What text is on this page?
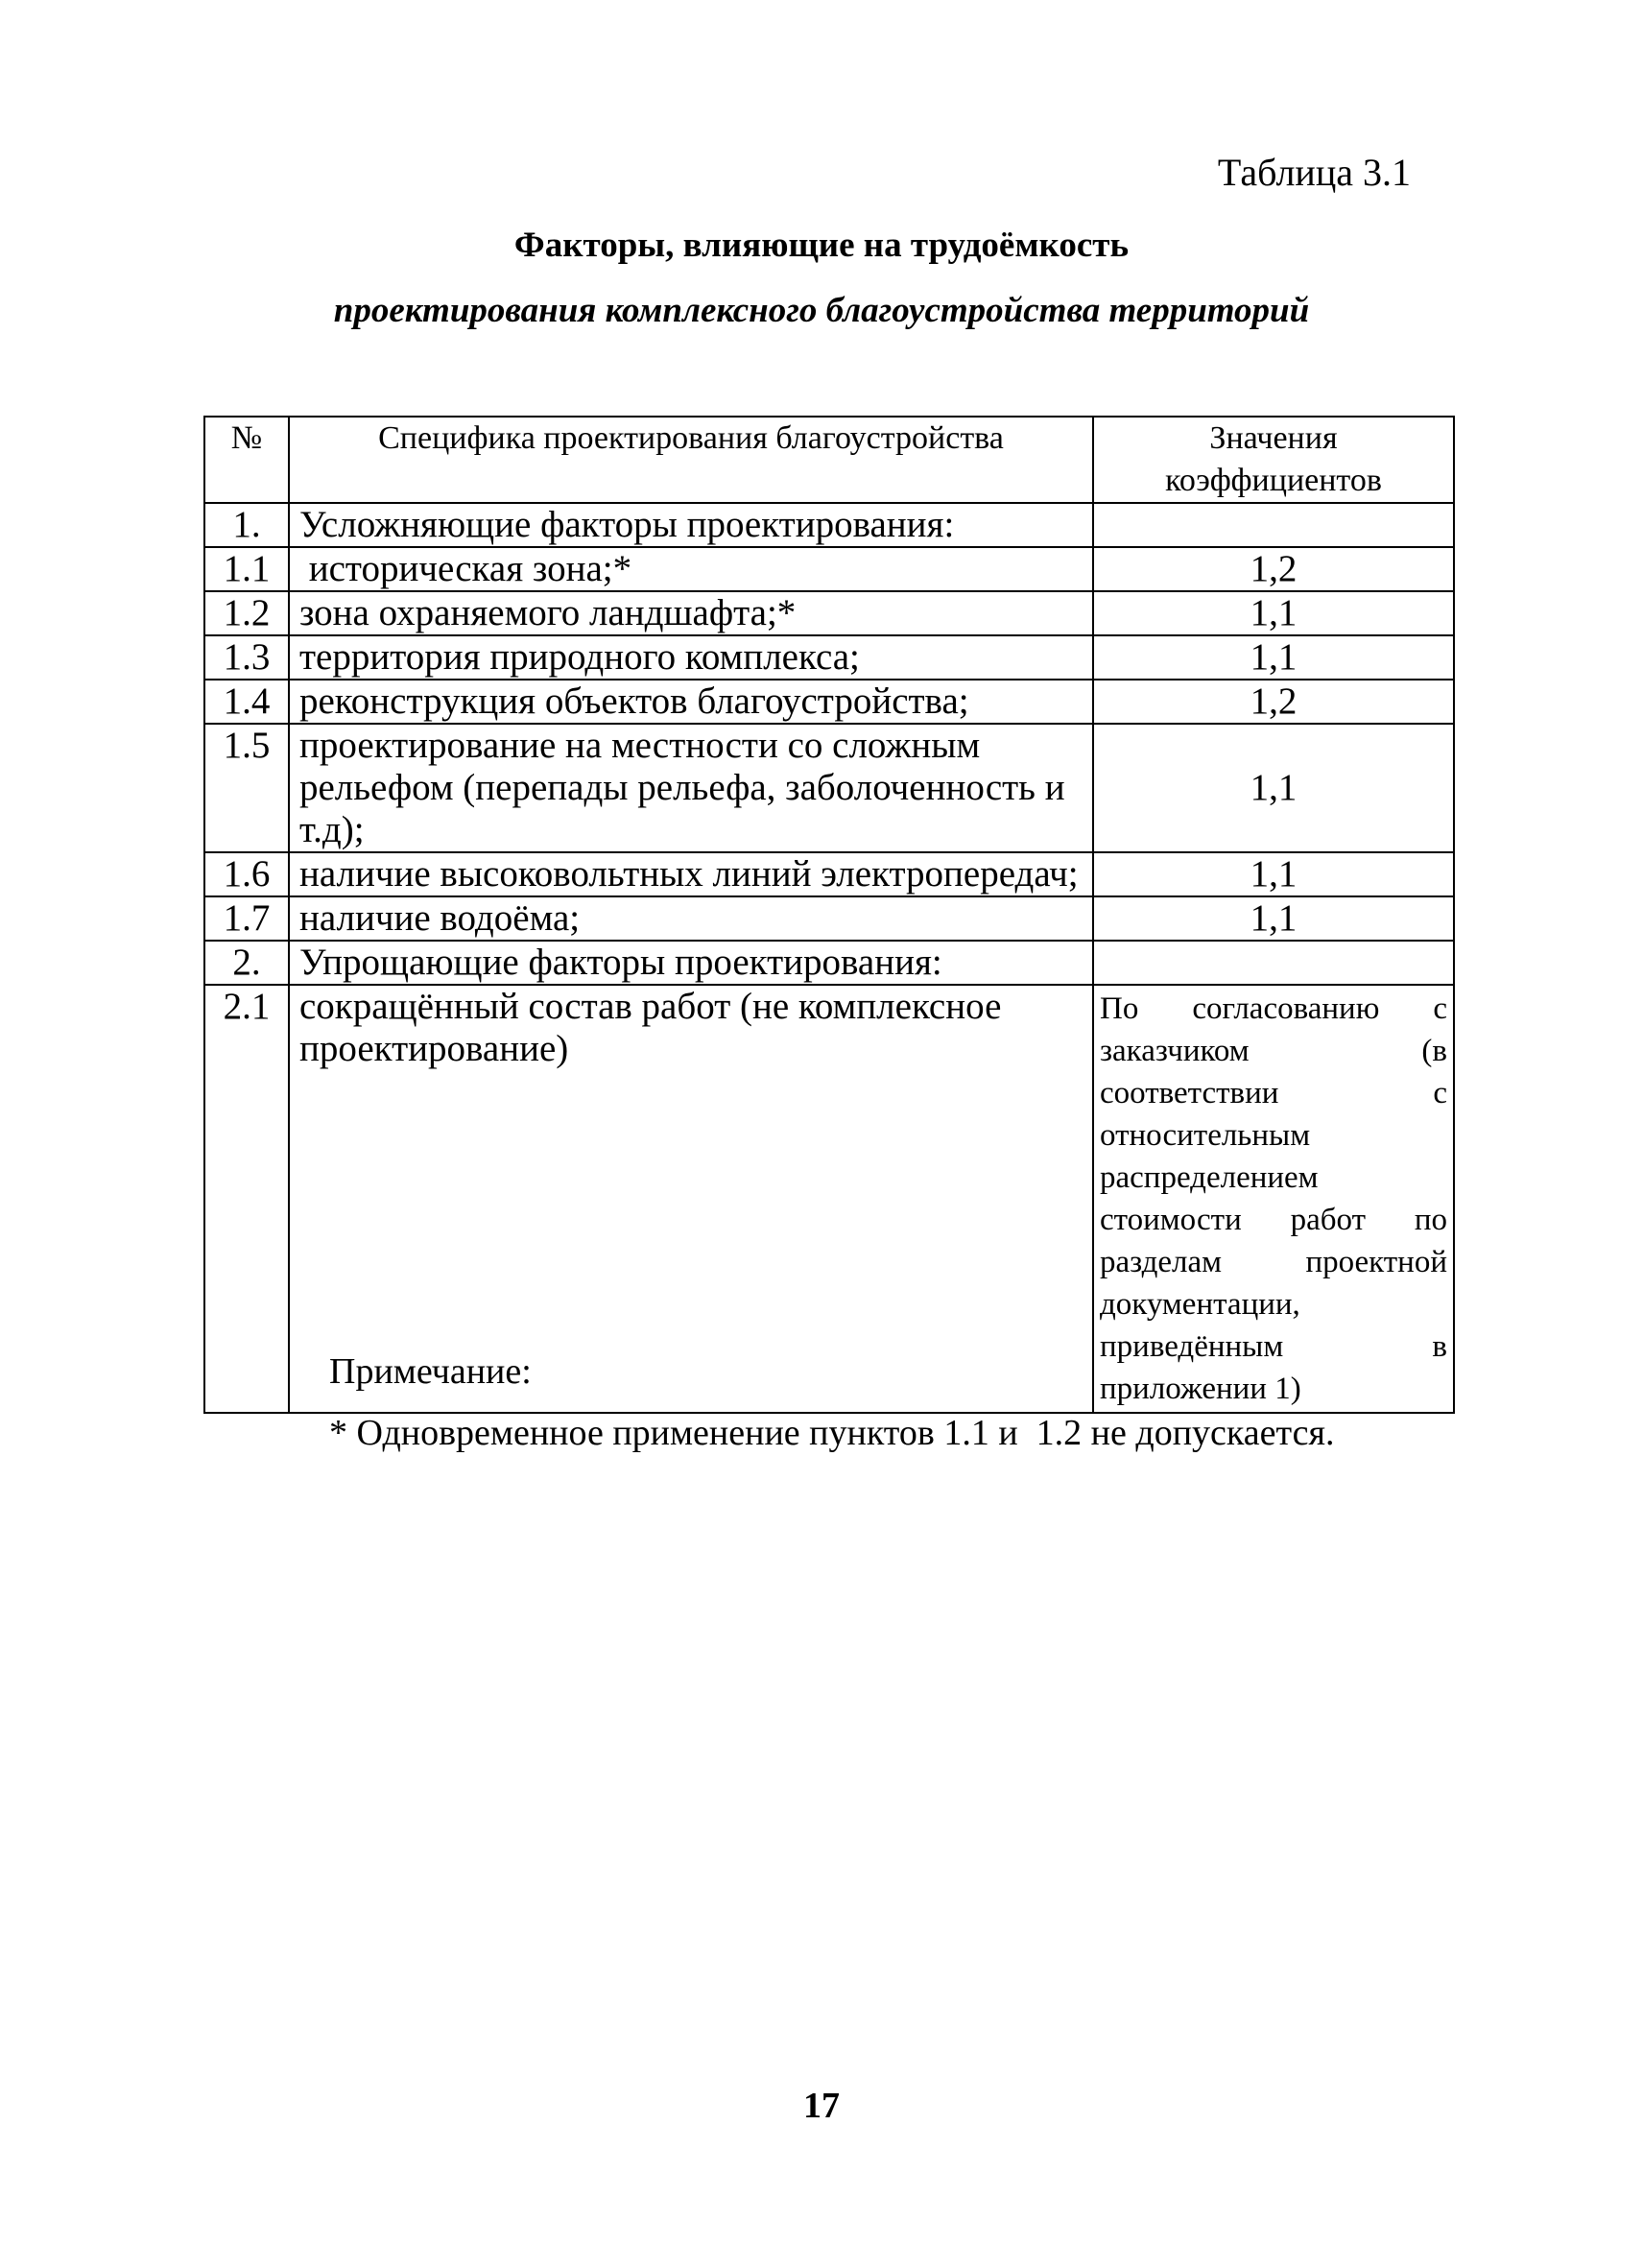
Таблица 3.1
Факторы, влияющие на трудоёмкость
проектирования комплексного благоустройства территорий
№	Специфика проектирования благоустройства	Значения коэффициентов
1.	Усложняющие факторы проектирования:	
1.1	историческая зона;*	1,2
1.2	зона охраняемого ландшафта;*	1,1
1.3	территория природного комплекса;	1,1
1.4	реконструкция объектов благоустройства;	1,2
1.5	проектирование на местности со сложным рельефом (перепады рельефа, заболоченность и т.д);	1,1
1.6	наличие высоковольтных линий электропередач;	1,1
1.7	наличие водоёма;	1,1
2.	Упрощающие факторы проектирования:	
2.1	сокращённый состав работ (не комплексное проектирование)	По согласованию с заказчиком (в соответствии с относительным распределением стоимости работ по разделам проектной документации, приведённым в приложении 1)
Примечание:
* Одновременное применение пунктов 1.1 и  1.2 не допускается.
17
